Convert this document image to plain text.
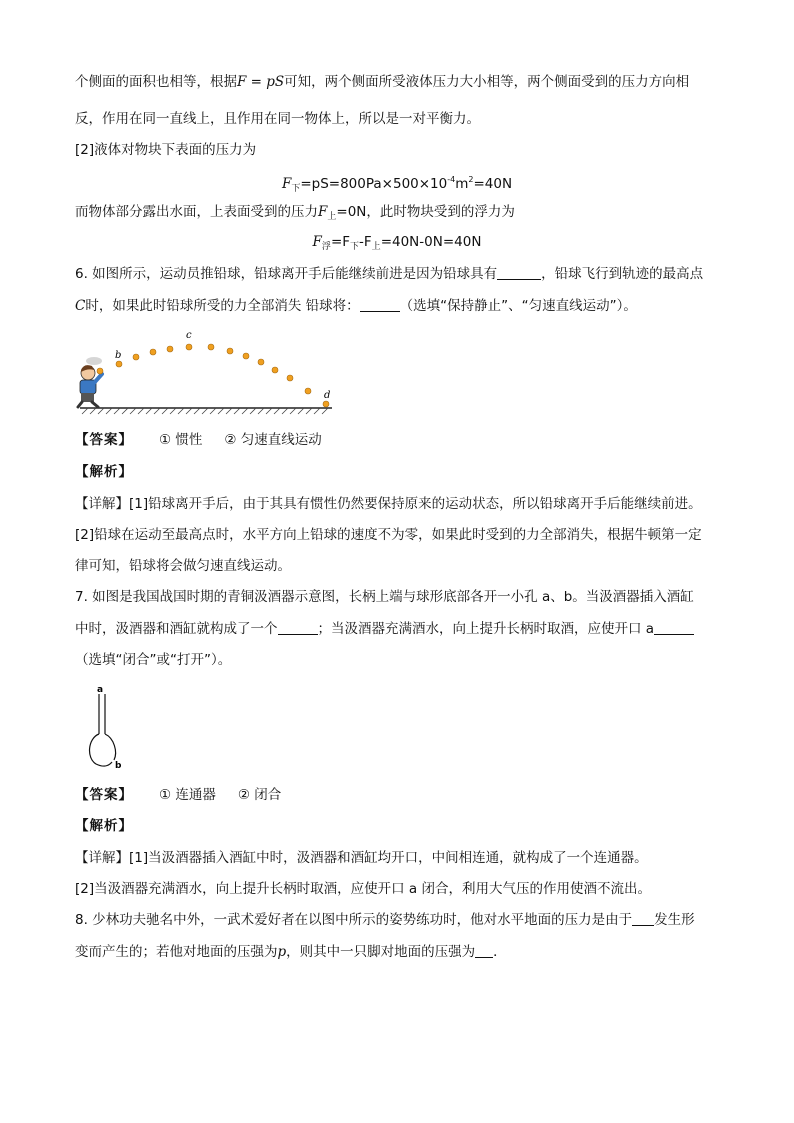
个侧面的面积也相等，根据F = pS可知，两个侧面所受液体压力大小相等，两个侧面受到的压力方向相
反，作用在同一直线上，且作用在同一物体上，所以是一对平衡力。
[2]液体对物块下表面的压力为
$F_下=pS=800Pa\times 500\times 10^{-4}m^2=40N$
而物体部分露出水面，上表面受到的压力$F_上=0N$，此时物块受到的浮力为
$F_浮=F_下-F_上=40N-0N=40N$
6. 如图所示，运动员推铅球，铅球离开手后能继续前进是因为铅球具有	，铅球飞行到轨迹的最高点
C时，如果此时铅球所受的力全部消失 铅球将：	（选填“保持静止”、“匀速直线运动”）。
b
c
d
【答案】 ① 惯性 ② 匀速直线运动
【解析】
【详解】[1]铅球离开手后，由于其具有惯性仍然要保持原来的运动状态，所以铅球离开手后能继续前进。
[2]铅球在运动至最高点时，水平方向上铅球的速度不为零，如果此时受到的力全部消失，根据牛顿第一定
律可知，铅球将会做匀速直线运动。
7. 如图是我国战国时期的青铜汲酒器示意图，长柄上端与球形底部各开一小孔 a、b。当汲酒器插入酒缸
中时，汲酒器和酒缸就构成了一个	；当汲酒器充满酒水，向上提升长柄时取酒，应使开口 a
（选填“闭合”或“打开”）。
a
b
【答案】 ① 连通器 ② 闭合
【解析】
【详解】[1]当汲酒器插入酒缸中时，汲酒器和酒缸均开口，中间相连通，就构成了一个连通器。
[2]当汲酒器充满酒水，向上提升长柄时取酒，应使开口 a 闭合，利用大气压的作用使酒不流出。
8. 少林功夫驰名中外，一武术爱好者在以图中所示的姿势练功时，他对水平地面的压力是由于 发生形
变而产生的；若他对地面的压强为p，则其中一只脚对地面的压强为 ．
